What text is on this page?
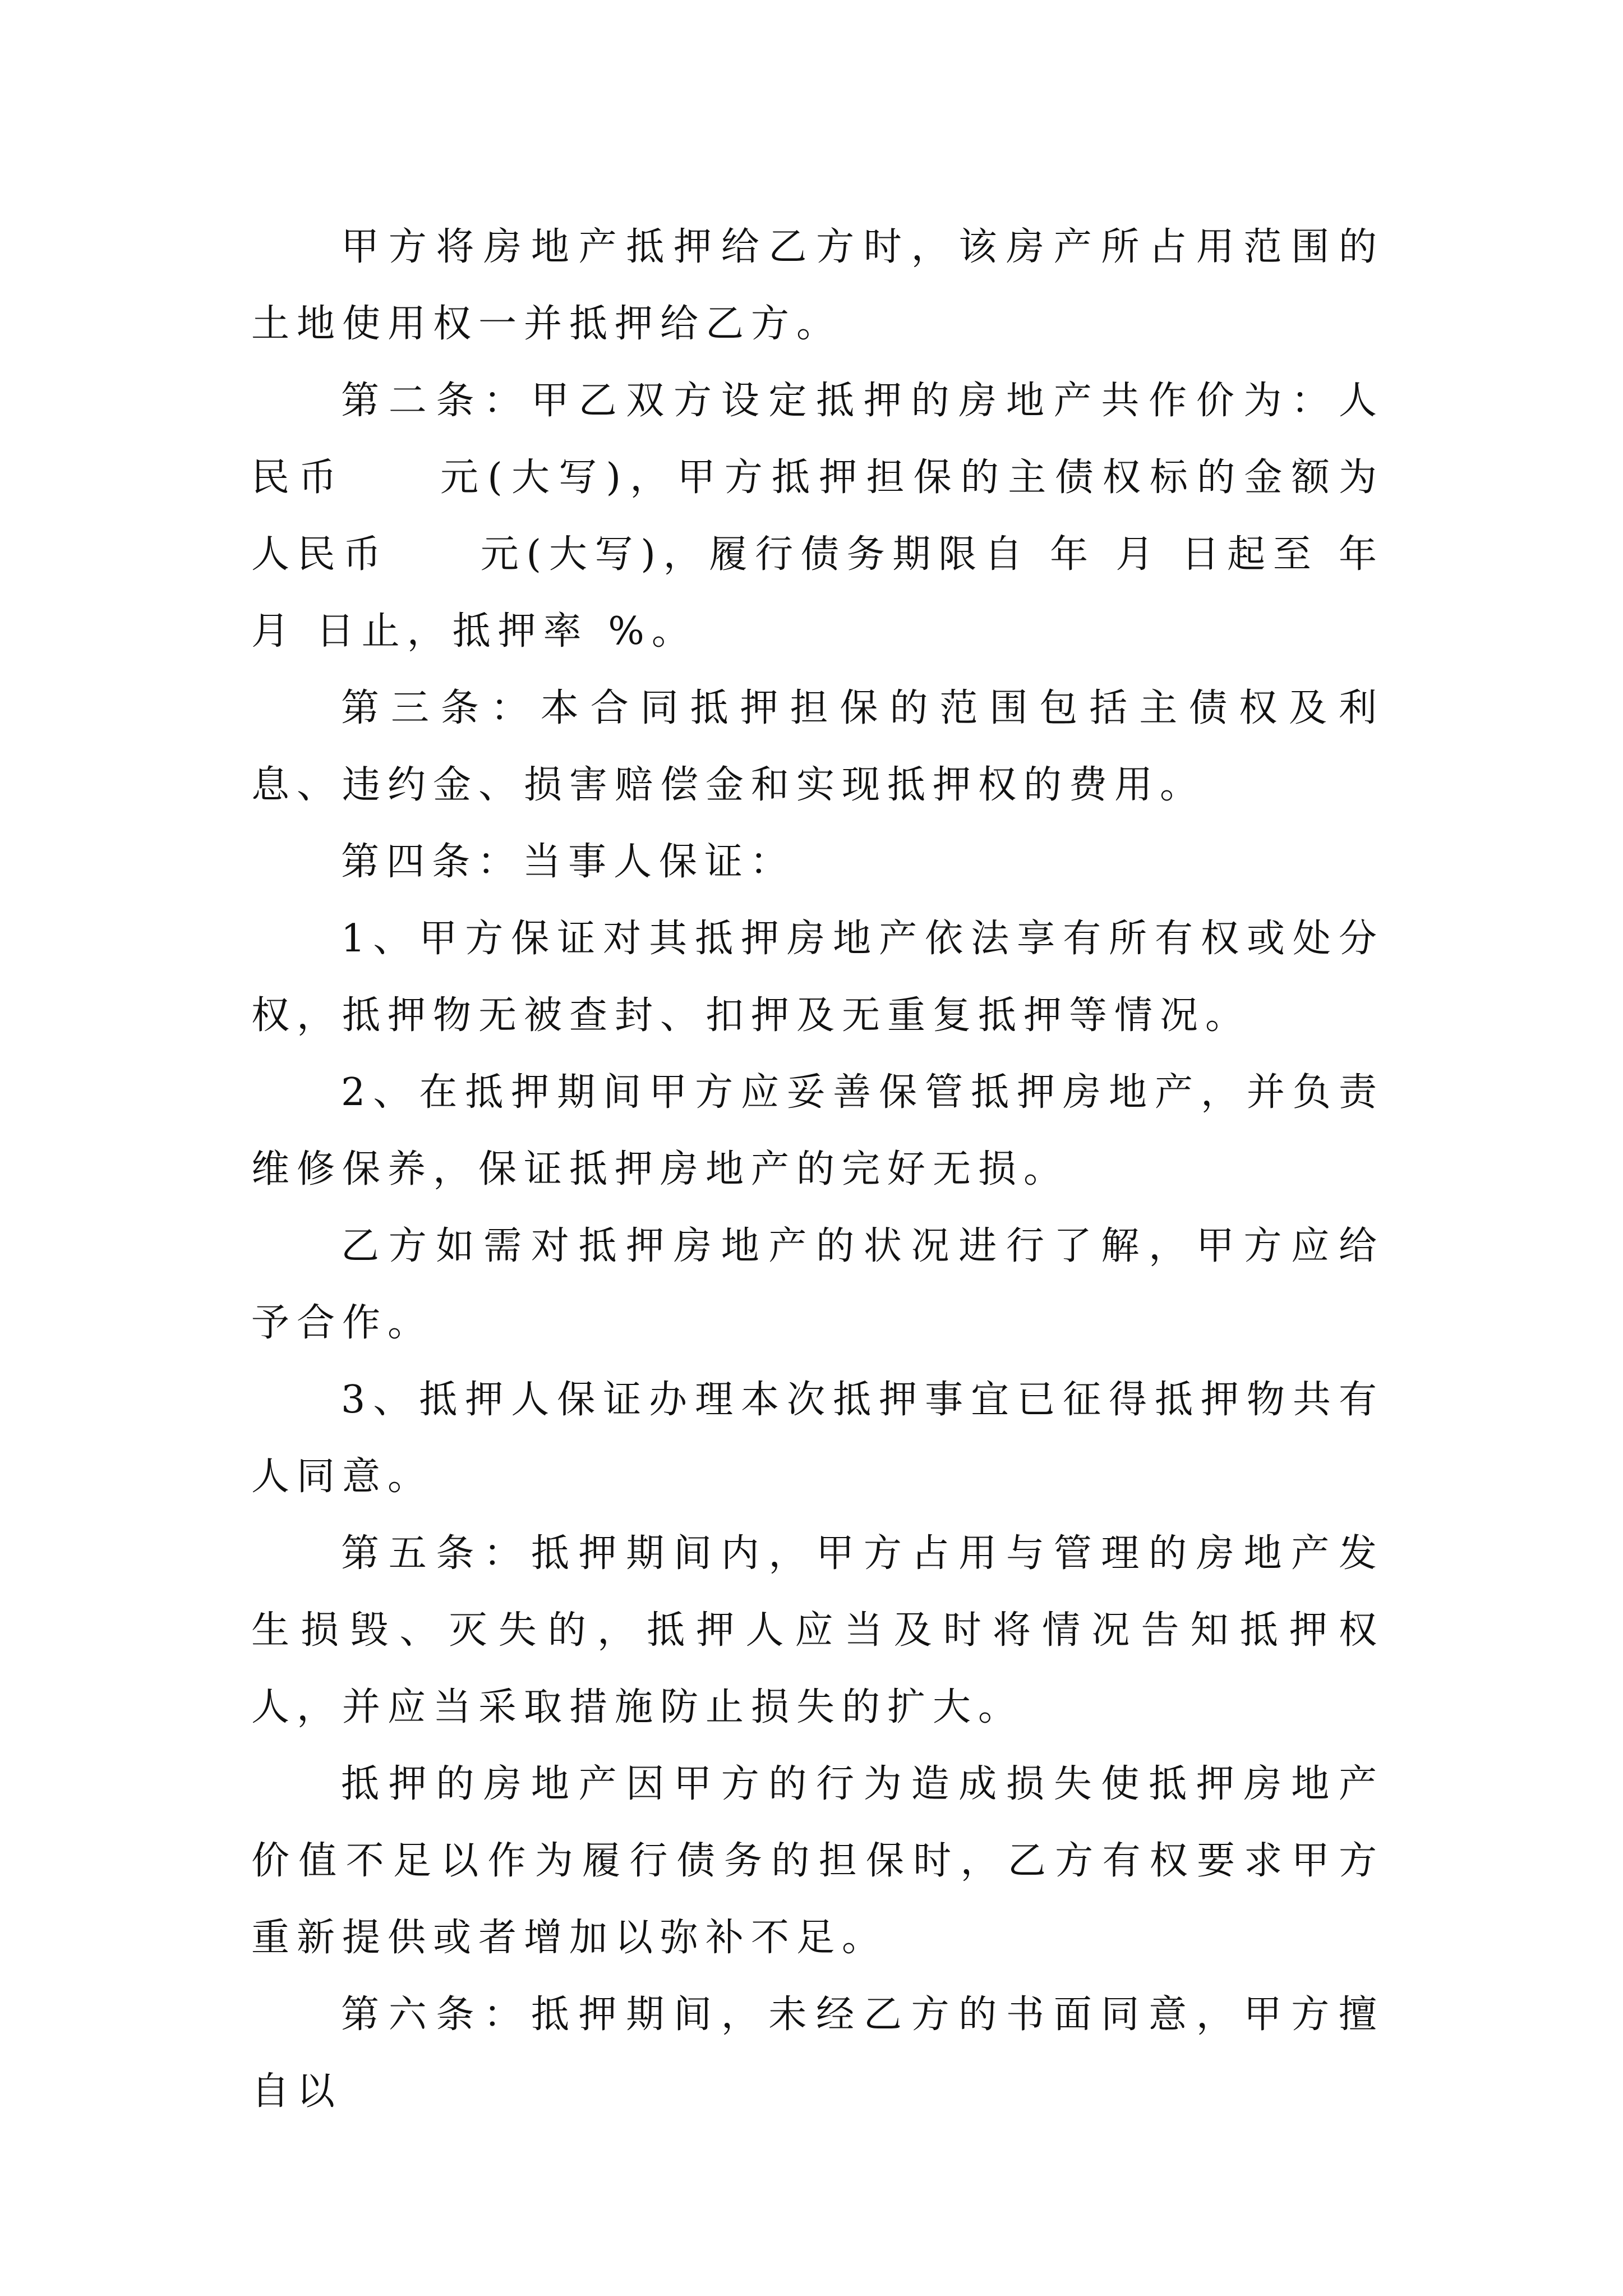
甲方将房地产抵押给乙方时，该房产所占用范围的土地使用权一并抵押给乙方。

第二条：甲乙双方设定抵押的房地产共作价为：人民币　　元(大写)，甲方抵押担保的主债权标的金额为人民币　　元(大写)，履行债务期限自 年 月 日起至 年 月 日止，抵押率 %。

第三条：本合同抵押担保的范围包括主债权及利息、违约金、损害赔偿金和实现抵押权的费用。

第四条：当事人保证：

1、甲方保证对其抵押房地产依法享有所有权或处分权，抵押物无被查封、扣押及无重复抵押等情况。

2、在抵押期间甲方应妥善保管抵押房地产，并负责维修保养，保证抵押房地产的完好无损。

乙方如需对抵押房地产的状况进行了解，甲方应给予合作。

3、抵押人保证办理本次抵押事宜已征得抵押物共有人同意。

第五条：抵押期间内，甲方占用与管理的房地产发生损毁、灭失的，抵押人应当及时将情况告知抵押权人，并应当采取措施防止损失的扩大。

抵押的房地产因甲方的行为造成损失使抵押房地产价值不足以作为履行债务的担保时，乙方有权要求甲方重新提供或者增加以弥补不足。

第六条：抵押期间，未经乙方的书面同意，甲方擅自以
